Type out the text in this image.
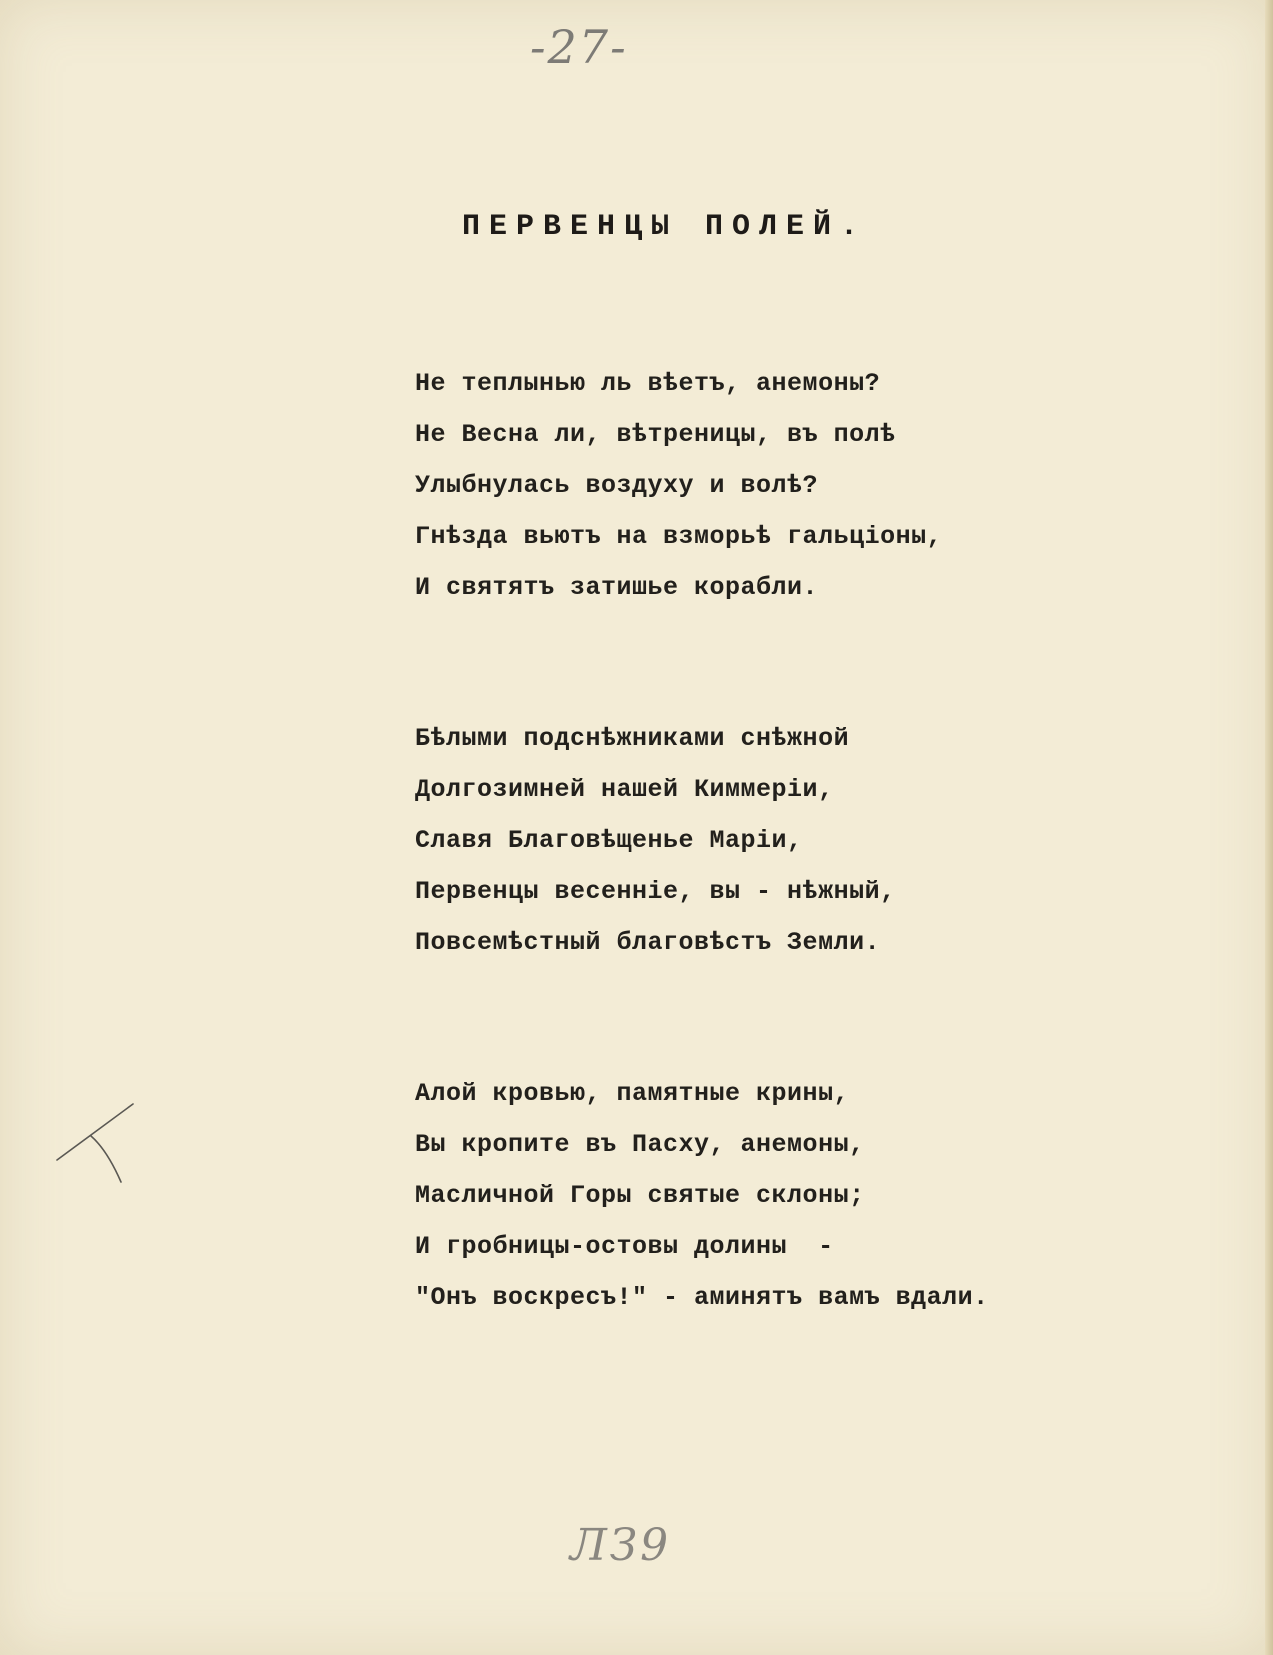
-27-
ПЕРВЕНЦЫ ПОЛЕЙ.
Не теплынью ль вѣетъ, анемоны?
Не Весна ли, вѣтреницы, въ полѣ
Улыбнулась воздуху и волѣ?
Гнѣзда вьютъ на взморьѣ гальціоны,
И святятъ затишье корабли.
Бѣлыми подснѣжниками снѣжной
Долгозимней нашей Киммеріи,
Славя Благовѣщенье Маріи,
Первенцы весенніе, вы - нѣжный,
Повсемѣстный благовѣстъ Земли.
Алой кровью, памятные крины,
Вы кропите въ Пасху, анемоны,
Масличной Горы святые склоны;
И гробницы-остовы долины  -
"Онъ воскресъ!" - аминятъ вамъ вдали.
ЛЗ9
